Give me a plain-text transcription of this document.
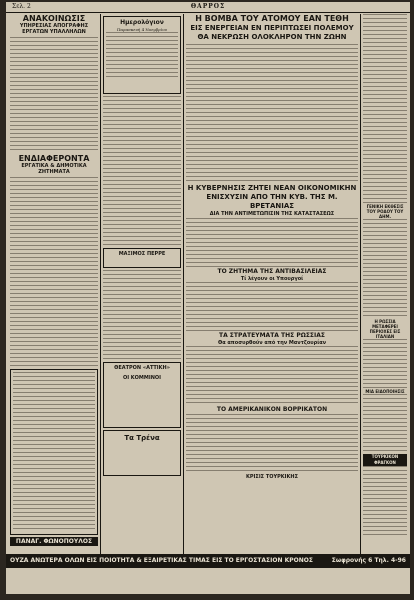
Σελ. 2	ΘΑΡΡΟΣ
ΑΝΑΚΟΙΝΩΣΙΣ
ΥΠΗΡΕΣΙΑΣ ΑΠΟΓΡΑΦΗΣ
ΕΡΓΑΤΩΝ ΥΠΑΛΛΗΛΩΝ
ΕΝΔΙΑΦΕΡΟΝΤΑ
ΕΡΓΑΤΙΚΑ & ΔΗΜΟΤΙΚΑ ΖΗΤΗΜΑΤΑ
ΠΑΝΑΓ. ΦΩΝΟΠΟΥΛΟΣ
Ημερολόγιον
Παρασκευή 4 Νοεμβρίου
ΜΑΞΙΜΟΣ ΠΕΡΡΕ
ΘΕΑΤΡΟΝ «ΑΤΤΙΚΗ»
ΟΙ ΚΟΜΜΙΝΟΙ
Τα Τρένα
Η ΒΟΜΒΑ ΤΟΥ ΑΤΟΜΟΥ ΕΑΝ ΤΕΘΗ
ΕΙΣ ΕΝΕΡΓΕΙΑΝ ΕΝ ΠΕΡΙΠΤΩΣΕΙ ΠΟΛΕΜΟΥ
ΘΑ ΝΕΚΡΩΣΗ ΟΛΟΚΛΗΡΟΝ ΤΗΝ ΖΩΗΝ
Η ΚΥΒΕΡΝΗΣΙΣ ΖΗΤΕΙ ΝΕΑΝ ΟΙΚΟΝΟΜΙΚΗΝ
ΕΝΙΣΧΥΣΙΝ ΑΠΟ ΤΗΝ ΚΥΒ. ΤΗΣ Μ. ΒΡΕΤΑΝΙΑΣ
ΔΙΑ ΤΗΝ ΑΝΤΙΜΕΤΩΠΙΣΙΝ ΤΗΣ ΚΑΤΑΣΤΑΣΕΩΣ
ΤΟ ΖΗΤΗΜΑ ΤΗΣ ΑΝΤΙΒΑΣΙΛΕΙΑΣ
Τί λέγουν οι Υπουργοί
ΤΑ ΣΤΡΑΤΕΥΜΑΤΑ ΤΗΣ ΡΩΣΣΙΑΣ
Θα αποσυρθούν από την Μαντζουρίαν
ΤΟ ΑΜΕΡΙΚΑΝΙΚΟΝ ΒΟΡΡΙΚΑΤΟΝ
ΚΡΙΣΙΣ ΤΟΥΡΚΙΚΗΣ
ΓΕΝΙΚΗ ΕΚΘΕΣΙΣ
ΤΟΥ ΡΟΔΟΥ ΤΟΥ ΔΗΜ.
Η ΡΩΣΣΙΑ ΜΕΤΑΦΕΡΕΙ
ΠΕΡΙΟΧΕΣ ΕΙΣ ΙΤΑΛΙΑΝ
ΜΙΑ ΕΙΔΟΠΟΙΗΣΙΣ
ΤΟΥΡΚΙΚΟΝ ΦΡΑΓΚΟΝ
ΟΥΖΑ ΑΝΩΤΕΡΑ ΟΛΩΝ ΕΙΣ ΠΟΙΟΤΗΤΑ & ΕΞΑΙΡΕΤΙΚΑΣ ΤΙΜΑΣ ΕΙΣ ΤΟ ΕΡΓΟΣΤΑΣΙΟΝ ΚΡΟΝΟΣ	Σωφρονής 6 Τηλ. 4-96
